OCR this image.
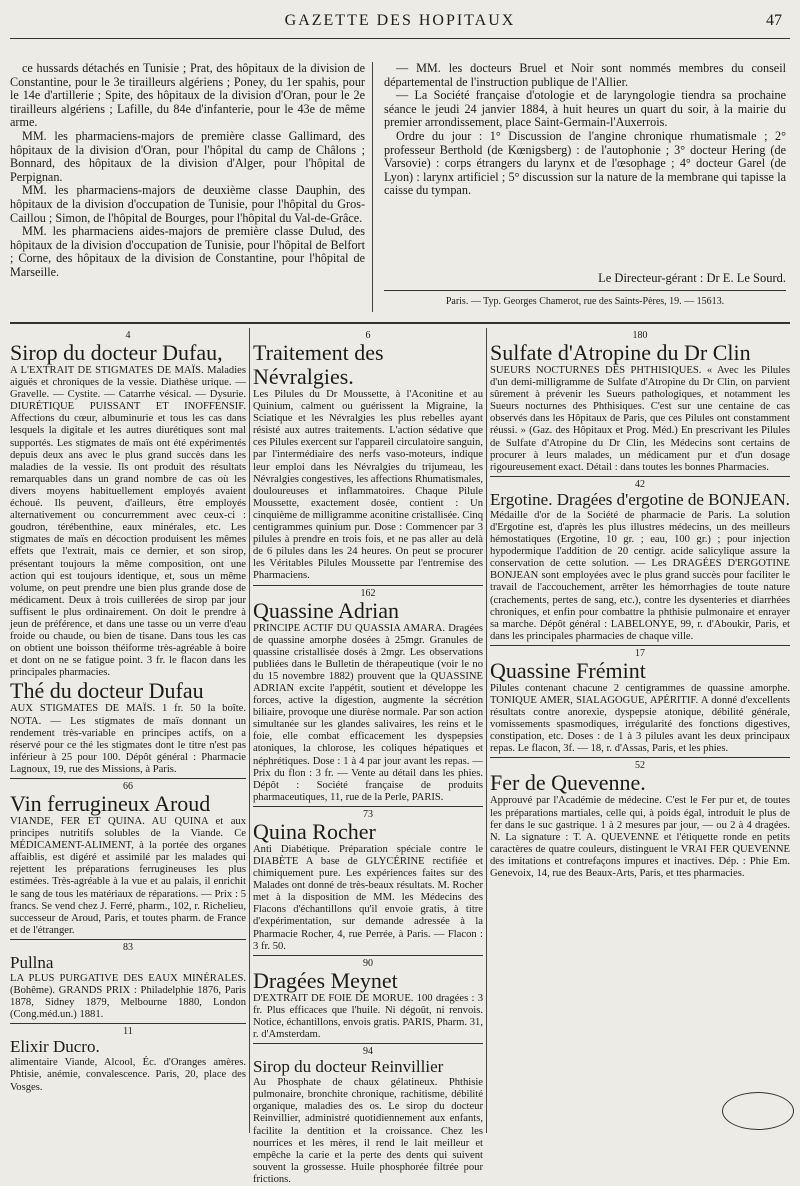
GAZETTE DES HOPITAUX	47

ce hussards détachés en Tunisie ; Prat, des hôpitaux de la division de Constantine, pour le 3e tirailleurs algériens ; Poney, du 1er spahis, pour le 14e d'artillerie ; Spite, des hôpitaux de la division d'Oran, pour le 2e tirailleurs algériens ; Lafille, du 84e d'infanterie, pour le 43e de même arme.

MM. les pharmaciens-majors de première classe Gallimard, des hôpitaux de la division d'Oran, pour l'hôpital du camp de Châlons ; Bonnard, des hôpitaux de la division d'Alger, pour l'hôpital de Perpignan.

MM. les pharmaciens-majors de deuxième classe Dauphin, des hôpitaux de la division d'occupation de Tunisie, pour l'hôpital du Gros-Caillou ; Simon, de l'hôpital de Bourges, pour l'hôpital du Val-de-Grâce.

MM. les pharmaciens aides-majors de première classe Dulud, des hôpitaux de la division d'occupation de Tunisie, pour l'hôpital de Belfort ; Corne, des hôpitaux de la division de Constantine, pour l'hôpital de Marseille.

— MM. les docteurs Bruel et Noir sont nommés membres du conseil départemental de l'instruction publique de l'Allier.

— La Société française d'otologie et de laryngologie tiendra sa prochaine séance le jeudi 24 janvier 1884, à huit heures un quart du soir, à la mairie du premier arrondissement, place Saint-Germain-l'Auxerrois.

Ordre du jour : 1° Discussion de l'angine chronique rhumatismale ; 2° professeur Berthold (de Kœnigsberg) : de l'autophonie ; 3° docteur Hering (de Varsovie) : corps étrangers du larynx et de l'œsophage ; 4° docteur Garel (de Lyon) : larynx artificiel ; 5° discussion sur la nature de la membrane qui tapisse la caisse du tympan.

Le Directeur-gérant : Dr E. Le Sourd.
Paris. — Typ. Georges Chamerot, rue des Saints-Pères, 19. — 15613.
4
Sirop du docteur Dufau,

A L'EXTRAIT DE STIGMATES DE MAÏS. Maladies aiguës et chroniques de la vessie. Diathèse urique. — Gravelle. — Cystite. — Catarrhe vésical. — Dysurie. DIURÉTIQUE PUISSANT ET INOFFENSIF. Affections du cœur, albuminurie et tous les cas dans lesquels la digitale et les autres diurétiques sont mal supportés. Les stigmates de maïs ont été expérimentés depuis deux ans avec le plus grand succès dans les maladies de la vessie. Ils ont produit des résultats remarquables dans un grand nombre de cas où les divers moyens habituellement employés avaient échoué. Ils peuvent, d'ailleurs, être employés alternativement ou concurremment avec ceux-ci : goudron, térébenthine, eaux minérales, etc. Les stigmates de maïs en décoction produisent les mêmes effets que l'extrait, mais ce dernier, et son sirop, présentant toujours la même composition, ont une action qui est toujours identique, et, sous un même volume, on peut prendre une bien plus grande dose de médicament. Deux à trois cuillerées de sirop par jour suffisent le plus ordinairement. On doit le prendre à jeun de préférence, et dans une tasse ou un verre d'eau froide ou chaude, ou bien de tisane. Dans tous les cas on obtient une boisson théiforme très-agréable à boire et dont on ne se fatigue point. 3 fr. le flacon dans les principales pharmacies.

Thé du docteur Dufau

AUX STIGMATES DE MAÏS. 1 fr. 50 la boîte. NOTA. — Les stigmates de maïs donnant un rendement très-variable en principes actifs, on a réservé pour ce thé les stigmates dont le titre n'est pas inférieur à 25 pour 100. Dépôt général : Pharmacie Lagnoux, 19, rue des Missions, à Paris.

66
Vin ferrugineux Aroud

VIANDE, FER ET QUINA. AU QUINA et aux principes nutritifs solubles de la Viande. Ce MÉDICAMENT-ALIMENT, à la portée des organes affaiblis, est digéré et assimilé par les malades qui rejettent les préparations ferrugineuses les plus estimées. Très-agréable à la vue et au palais, il enrichit le sang de tous les matériaux de réparations. — Prix : 5 francs. Se vend chez J. Ferré, pharm., 102, r. Richelieu, successeur de Aroud, Paris, et toutes pharm. de France et de l'étranger.

83
Pullna

LA PLUS PURGATIVE DES EAUX MINÉRALES. (Bohême). GRANDS PRIX : Philadelphie 1876, Paris 1878, Sidney 1879, Melbourne 1880, London (Cong.méd.un.) 1881.

11
Elixir Ducro.

alimentaire Viande, Alcool, Éc. d'Oranges amères. Phtisie, anémie, convalescence. Paris, 20, place des Vosges.

6
Traitement des Névralgies.

Les Pilules du Dr Moussette, à l'Aconitine et au Quinium, calment ou guérissent la Migraine, la Sciatique et les Névralgies les plus rebelles ayant résisté aux autres traitements. L'action sédative que ces Pilules exercent sur l'appareil circulatoire sanguin, par l'intermédiaire des nerfs vaso-moteurs, indique leur emploi dans les Névralgies du trijumeau, les Névralgies congestives, les affections Rhumatismales, douloureuses et inflammatoires. Chaque Pilule Moussette, exactement dosée, contient : Un cinquième de milligramme aconitine cristallisée. Cinq centigrammes quinium pur. Dose : Commencer par 3 pilules à prendre en trois fois, et ne pas aller au delà de 6 pilules dans les 24 heures. On peut se procurer les Véritables Pilules Moussette par l'entremise des Pharmaciens.

162
Quassine Adrian

PRINCIPE ACTIF DU QUASSIA AMARA. Dragées de quassine amorphe dosées à 25mgr. Granules de quassine cristallisée dosés à 2mgr. Les observations publiées dans le Bulletin de thérapeutique (voir le no du 15 novembre 1882) prouvent que la QUASSINE ADRIAN excite l'appétit, soutient et développe les forces, active la digestion, augmente la sécrétion biliaire, provoque une diurèse normale. Par son action simultanée sur les glandes salivaires, les reins et le foie, elle combat efficacement les dyspepsies atoniques, la chlorose, les coliques hépatiques et néphrétiques. Dose : 1 à 4 par jour avant les repas. — Prix du flon : 3 fr. — Vente au détail dans les phies. Dépôt : Société française de produits pharmaceutiques, 11, rue de la Perle, PARIS.

73
Quina Rocher

Anti Diabétique. Préparation spéciale contre le DIABÈTE A base de GLYCÉRINE rectifiée et chimiquement pure. Les expériences faites sur des Malades ont donné de très-beaux résultats. M. Rocher met à la disposition de MM. les Médecins des Flacons d'échantillons qu'il envoie gratis, à titre d'expérimentation, sur demande adressée à la Pharmacie Rocher, 4, rue Perrée, à Paris. — Flacon : 3 fr. 50.

90
Dragées Meynet

D'EXTRAIT DE FOIE DE MORUE. 100 dragées : 3 fr. Plus efficaces que l'huile. Ni dégoût, ni renvois. Notice, échantillons, envois gratis. PARIS, Pharm. 31, r. d'Amsterdam.

94
Sirop du docteur Reinvillier

Au Phosphate de chaux gélatineux. Phthisie pulmonaire, bronchite chronique, rachitisme, débilité organique, maladies des os. Le sirop du docteur Reinvillier, administré quotidiennement aux enfants, facilite la dentition et la croissance. Chez les nourrices et les mères, il rend le lait meilleur et empêche la carie et la perte des dents qui suivent souvent la grossesse. Huile phosphorée filtrée pour frictions.

180
Sulfate d'Atropine du Dr Clin

SUEURS NOCTURNES DES PHTHISIQUES. « Avec les Pilules d'un demi-milligramme de Sulfate d'Atropine du Dr Clin, on parvient sûrement à prévenir les Sueurs pathologiques, et notamment les Sueurs nocturnes des Phthisiques. C'est sur une centaine de cas observés dans les Hôpitaux de Paris, que ces Pilules ont constamment réussi. » (Gaz. des Hôpitaux et Prog. Méd.) En prescrivant les Pilules de Sulfate d'Atropine du Dr Clin, les Médecins sont certains de procurer à leurs malades, un médicament pur et d'un dosage rigoureusement exact. Détail : dans toutes les bonnes Pharmacies.

42
Ergotine. Dragées d'ergotine de BONJEAN.

Médaille d'or de la Société de pharmacie de Paris. La solution d'Ergotine est, d'après les plus illustres médecins, un des meilleurs hémostatiques (Ergotine, 10 gr. ; eau, 100 gr.) ; pour injection hypodermique l'addition de 20 centigr. acide salicylique assure la conservation de cette solution. — Les DRAGÉES D'ERGOTINE BONJEAN sont employées avec le plus grand succès pour faciliter le travail de l'accouchement, arrêter les hémorrhagies de toute nature (crachements, pertes de sang, etc.), contre les dysenteries et diarrhées chroniques, et enfin pour combattre la phthisie pulmonaire et enrayer sa marche. Dépôt général : LABELONYE, 99, r. d'Aboukir, Paris, et dans les principales pharmacies de chaque ville.

17
Quassine Frémint

Pilules contenant chacune 2 centigrammes de quassine amorphe. TONIQUE AMER, SIALAGOGUE, APÉRITIF. A donné d'excellents résultats contre anorexie, dyspepsie atonique, débilité générale, vomissements spasmodiques, irrégularité des fonctions digestives, constipation, etc. Doses : de 1 à 3 pilules avant les deux principaux repas. Le flacon, 3f. — 18, r. d'Assas, Paris, et les phies.

52
Fer de Quevenne.

Approuvé par l'Académie de médecine. C'est le Fer pur et, de toutes les préparations martiales, celle qui, à poids égal, introduit le plus de fer dans le suc gastrique. 1 à 2 mesures par jour, — ou 2 à 4 dragées. N. La signature : T. A. QUEVENNE et l'étiquette ronde en petits caractères de quatre couleurs, distinguent le VRAI FER QUEVENNE des imitations et contrefaçons impures et inactives. Dép. : Phie Em. Genevoix, 14, rue des Beaux-Arts, Paris, et ttes pharmacies.
